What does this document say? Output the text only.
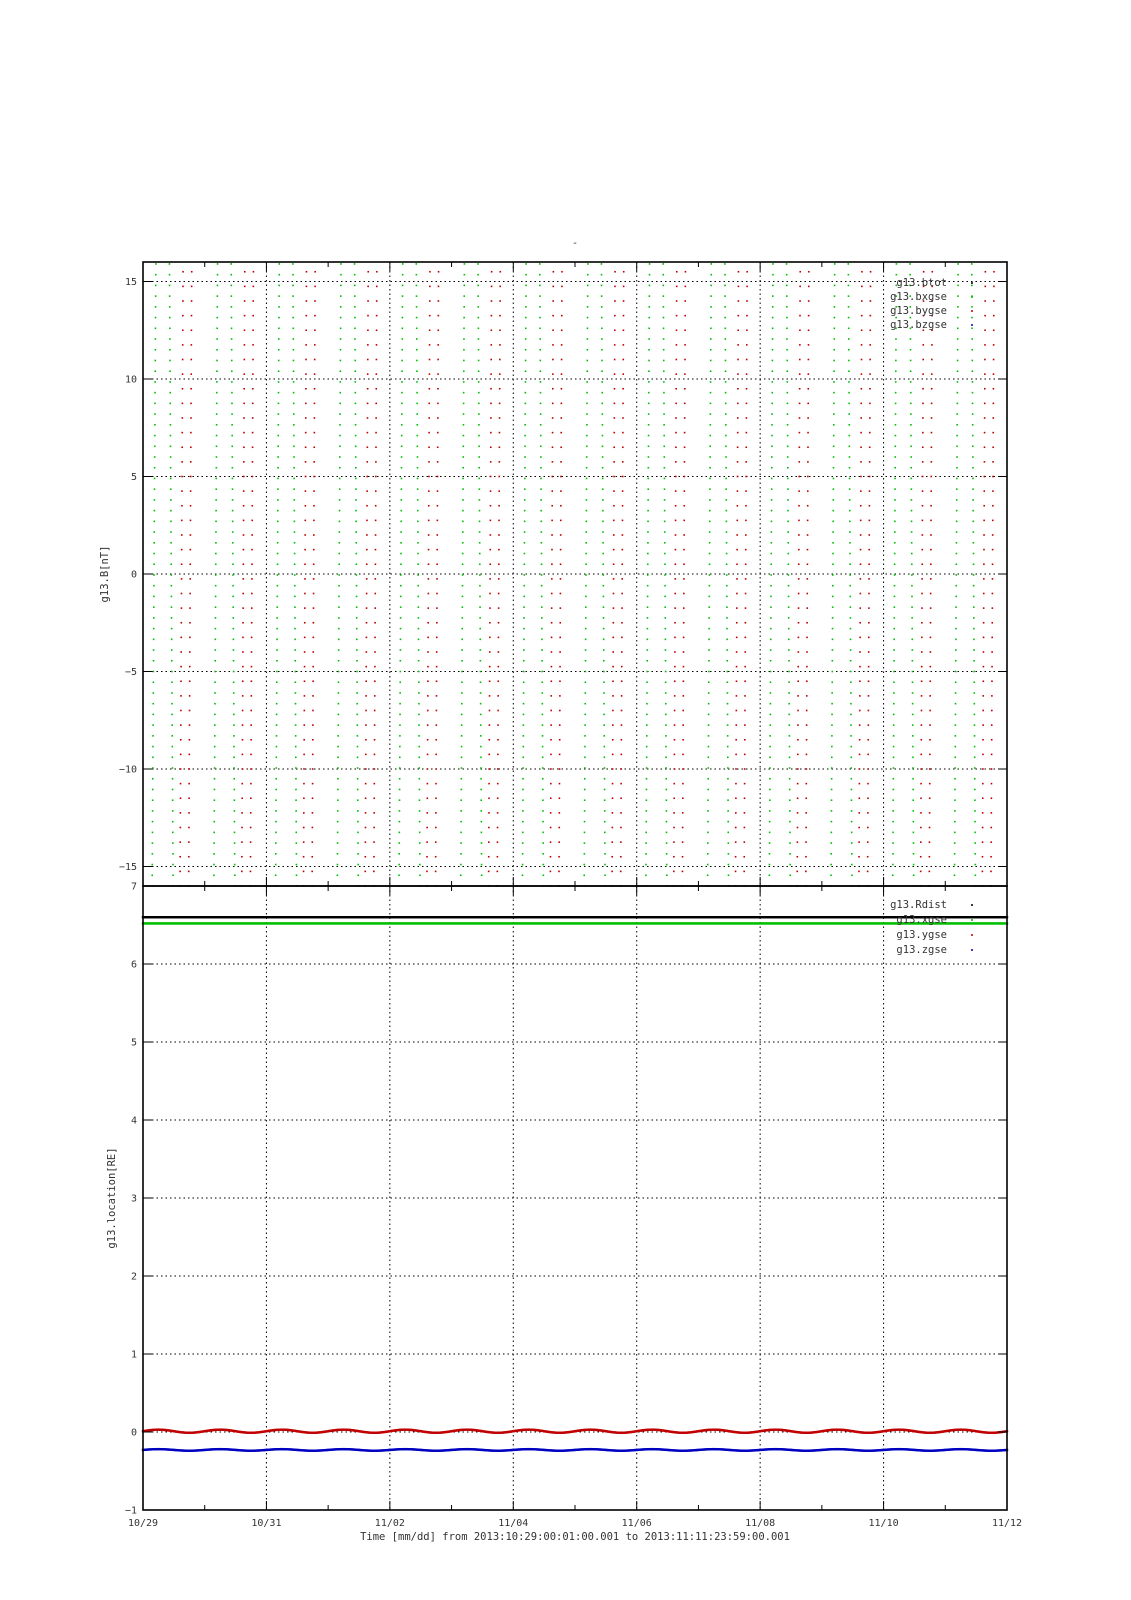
-
−15
−10
−5
0
5
10
15
g13.B[nT]
g13.btot
g13.bxgse
g13.bygse
g13.bzgse
−1
0
1
2
3
4
5
6
7
g13.location[RE]
g13.Rdist
g13.xgse
g13.ygse
g13.zgse
10/29	10/31	11/02	11/04	11/06	11/08	11/10	11/12
Time [mm/dd] from 2013:10:29:00:01:00.001 to 2013:11:11:23:59:00.001
